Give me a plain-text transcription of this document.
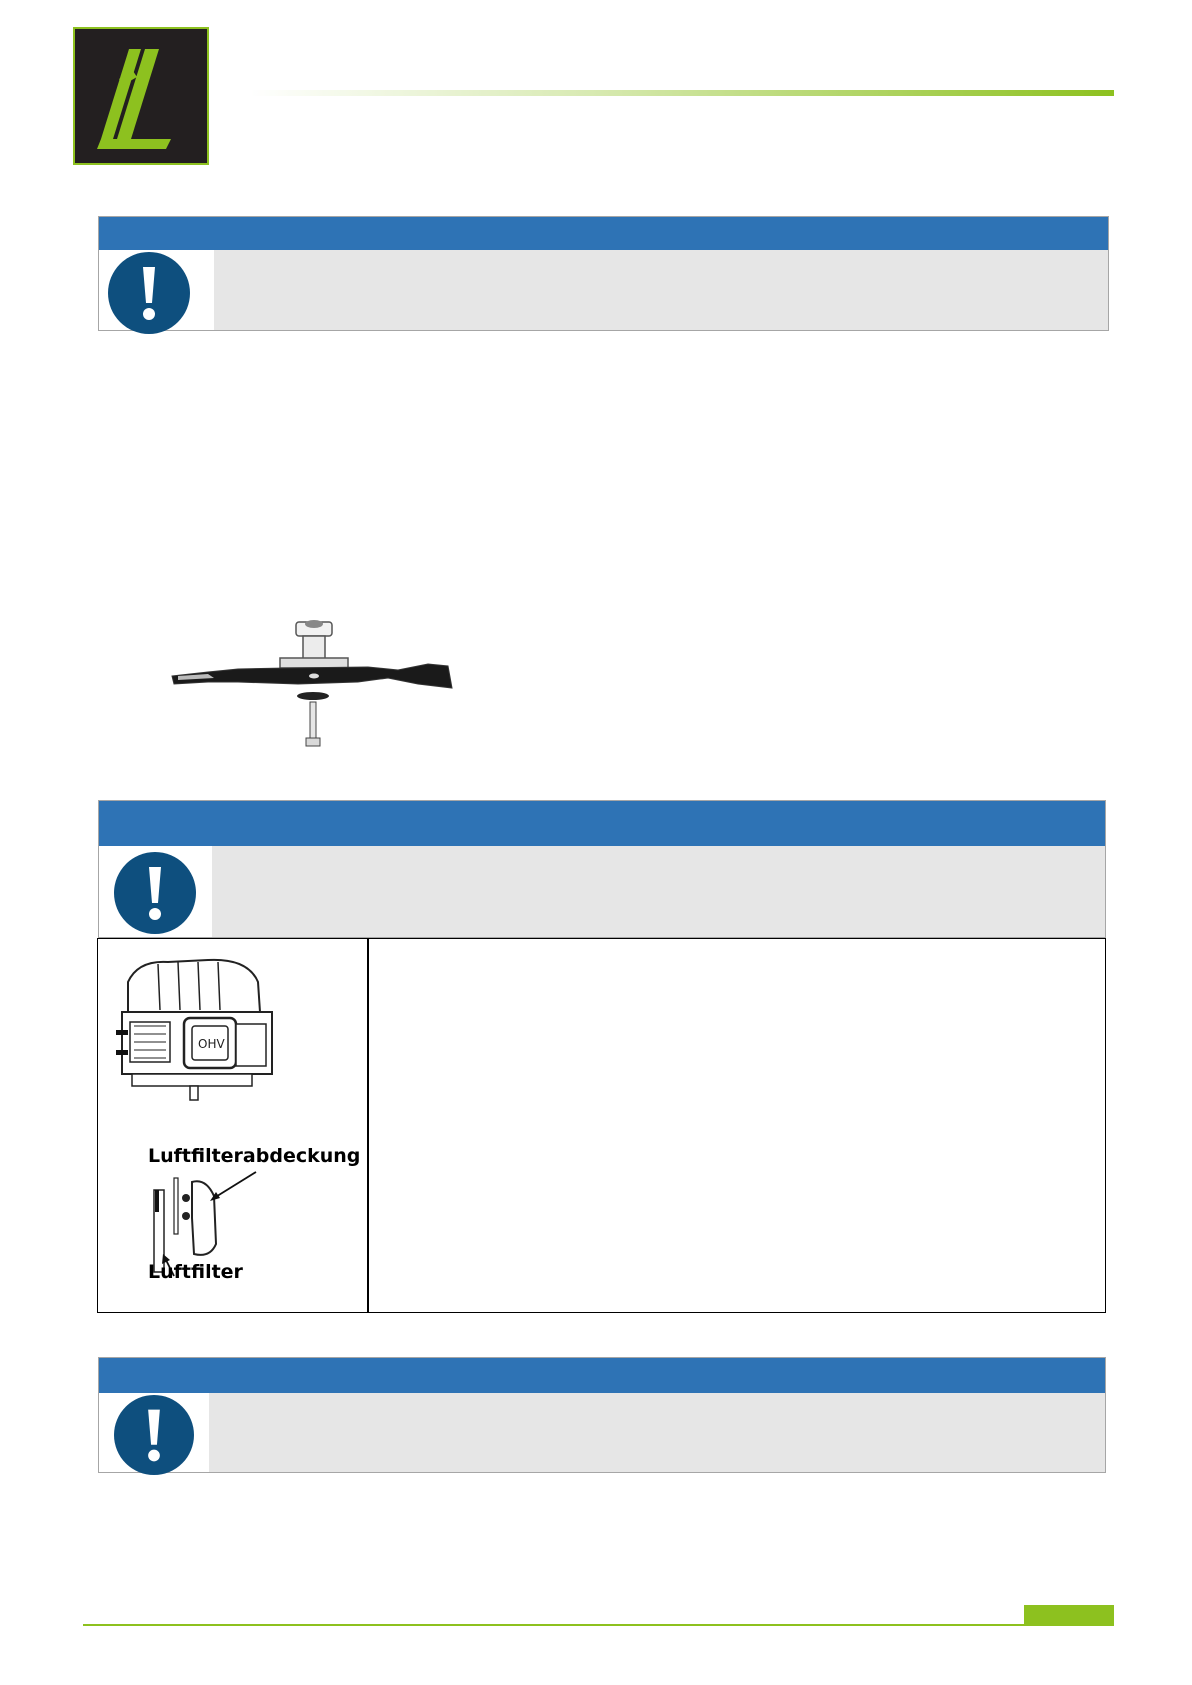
OHV
Luftfilterabdeckung
Luftfilter
